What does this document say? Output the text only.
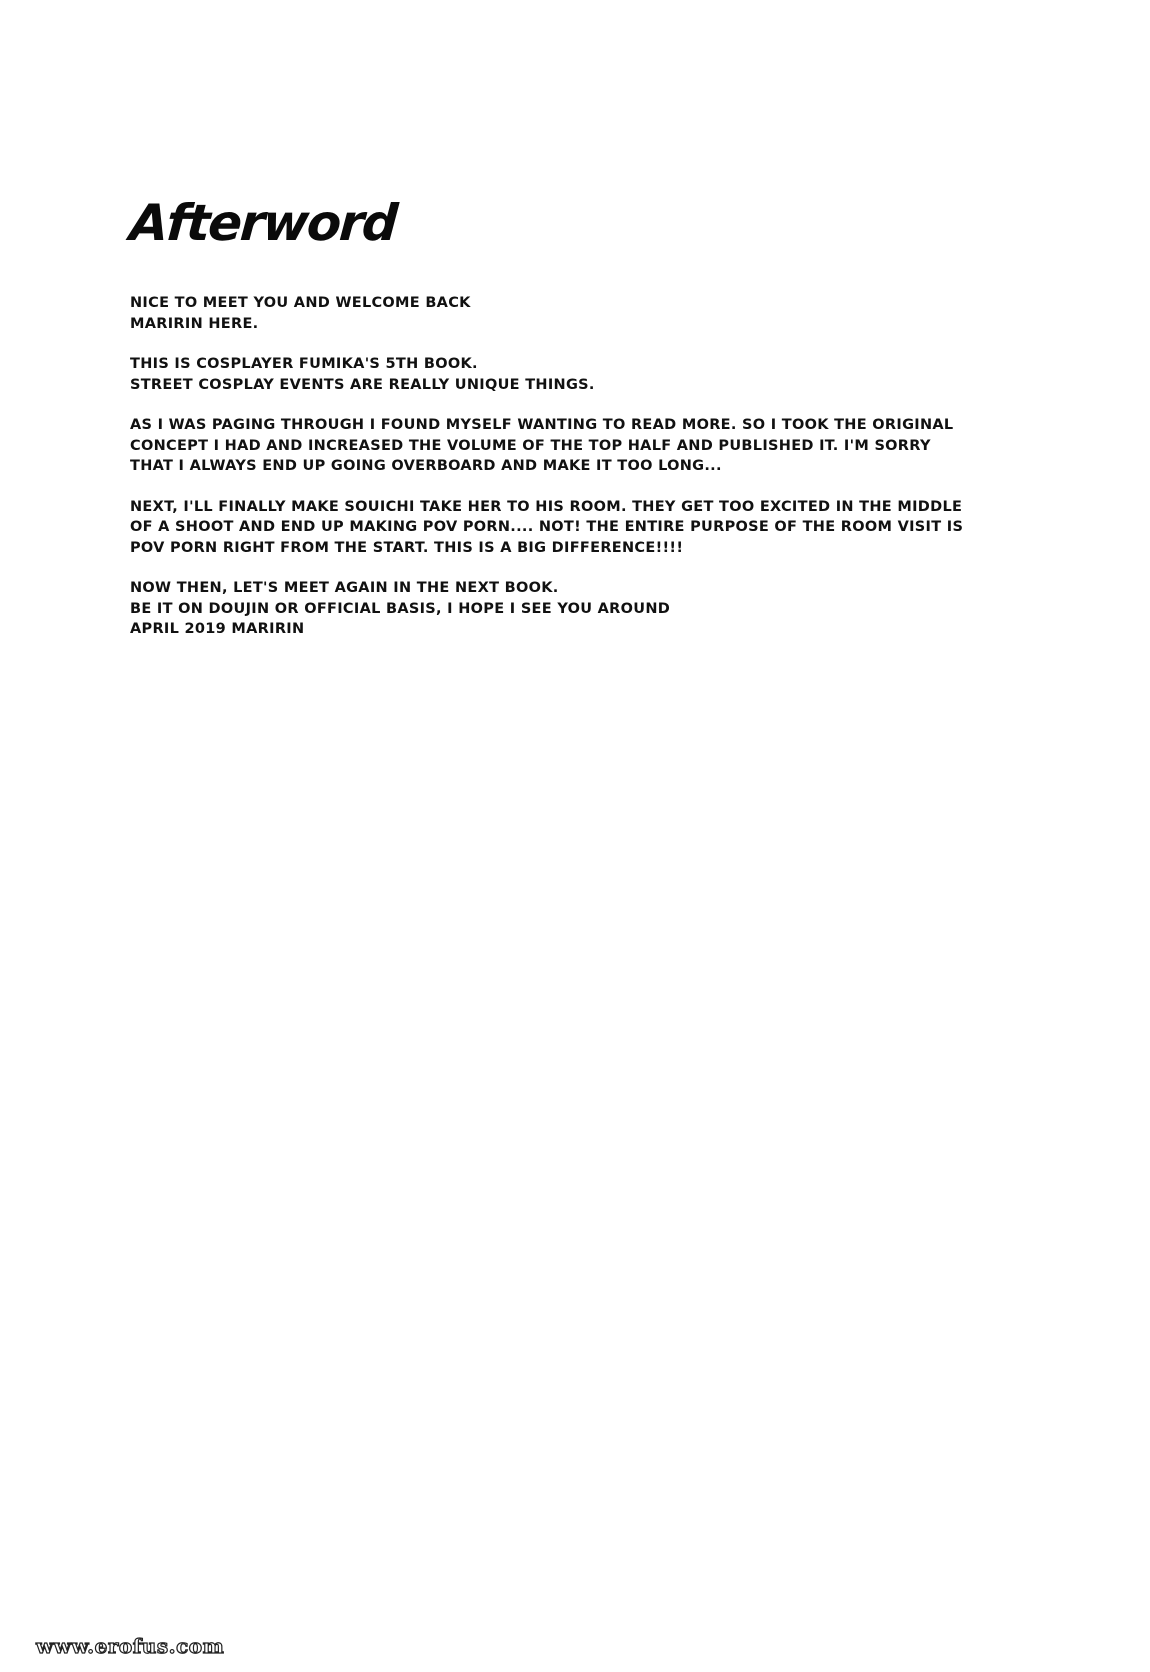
Afterword
NICE TO MEET YOU AND WELCOME BACK
MARIRIN HERE.
THIS IS COSPLAYER FUMIKA'S 5TH BOOK.
STREET COSPLAY EVENTS ARE REALLY UNIQUE THINGS.
AS I WAS PAGING THROUGH I FOUND MYSELF WANTING TO READ MORE. SO I TOOK THE ORIGINAL
CONCEPT I HAD AND INCREASED THE VOLUME OF THE TOP HALF AND PUBLISHED IT. I'M SORRY
THAT I ALWAYS END UP GOING OVERBOARD AND MAKE IT TOO LONG...
NEXT, I'LL FINALLY MAKE SOUICHI TAKE HER TO HIS ROOM. THEY GET TOO EXCITED IN THE MIDDLE
OF A SHOOT AND END UP MAKING POV PORN.... NOT! THE ENTIRE PURPOSE OF THE ROOM VISIT IS
POV PORN RIGHT FROM THE START. THIS IS A BIG DIFFERENCE!!!!
NOW THEN, LET'S MEET AGAIN IN THE NEXT BOOK.
BE IT ON DOUJIN OR OFFICIAL BASIS, I HOPE I SEE YOU AROUND
APRIL 2019 MARIRIN
www.erofus.com
